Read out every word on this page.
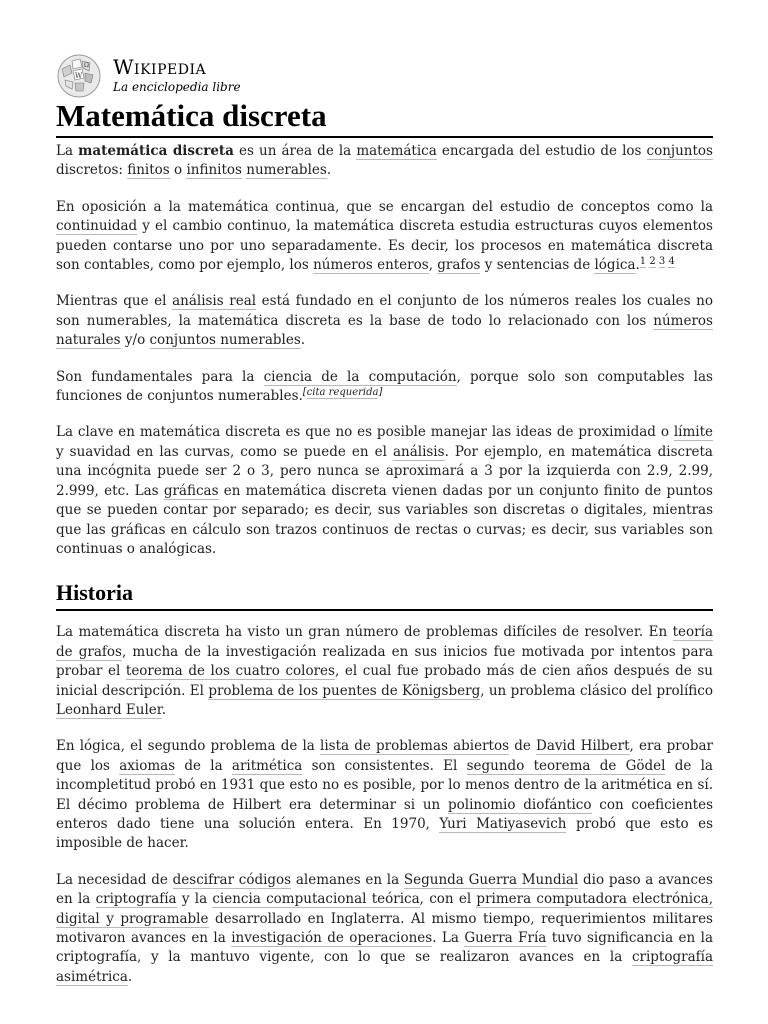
W
Ω Wikipedia
La enciclopedia libre
Matemática discreta

La matemática discreta es un área de la matemática encargada del estudio de los conjuntos discretos: finitos o infinitos numerables.

En oposición a la matemática continua, que se encargan del estudio de conceptos como la continuidad y el cambio continuo, la matemática discreta estudia estructuras cuyos elementos pueden contarse uno por uno separadamente. Es decir, los procesos en matemática discreta son contables, como por ejemplo, los números enteros, grafos y sentencias de lógica.$^{1 2 3 4}$

Mientras que el análisis real está fundado en el conjunto de los números reales los cuales no son numerables, la matemática discreta es la base de todo lo relacionado con los números naturales y/o conjuntos numerables.

Son fundamentales para la ciencia de la computación, porque solo son computables las funciones de conjuntos numerables.[cita requerida]

La clave en matemática discreta es que no es posible manejar las ideas de proximidad o límite y suavidad en las curvas, como se puede en el análisis. Por ejemplo, en matemática discreta una incógnita puede ser 2 o 3, pero nunca se aproximará a 3 por la izquierda con 2.9, 2.99, 2.999, etc. Las gráficas en matemática discreta vienen dadas por un conjunto finito de puntos que se pueden contar por separado; es decir, sus variables son discretas o digitales, mientras que las gráficas en cálculo son trazos continuos de rectas o curvas; es decir, sus variables son continuas o analógicas.

Historia

La matemática discreta ha visto un gran número de problemas difíciles de resolver. En teoría de grafos, mucha de la investigación realizada en sus inicios fue motivada por intentos para probar el teorema de los cuatro colores, el cual fue probado más de cien años después de su inicial descripción. El problema de los puentes de Königsberg, un problema clásico del prolífico Leonhard Euler.

En lógica, el segundo problema de la lista de problemas abiertos de David Hilbert, era probar que los axiomas de la aritmética son consistentes. El segundo teorema de Gödel de la incompletitud probó en 1931 que esto no es posible, por lo menos dentro de la aritmética en sí. El décimo problema de Hilbert era determinar si un polinomio diofántico con coeficientes enteros dado tiene una solución entera. En 1970, Yuri Matiyasevich probó que esto es imposible de hacer.

La necesidad de descifrar códigos alemanes en la Segunda Guerra Mundial dio paso a avances en la criptografía y la ciencia computacional teórica, con el primera computadora electrónica, digital y programable desarrollado en Inglaterra. Al mismo tiempo, requerimientos militares motivaron avances en la investigación de operaciones. La Guerra Fría tuvo significancia en la criptografía, y la mantuvo vigente, con lo que se realizaron avances en la criptografía asimétrica.
